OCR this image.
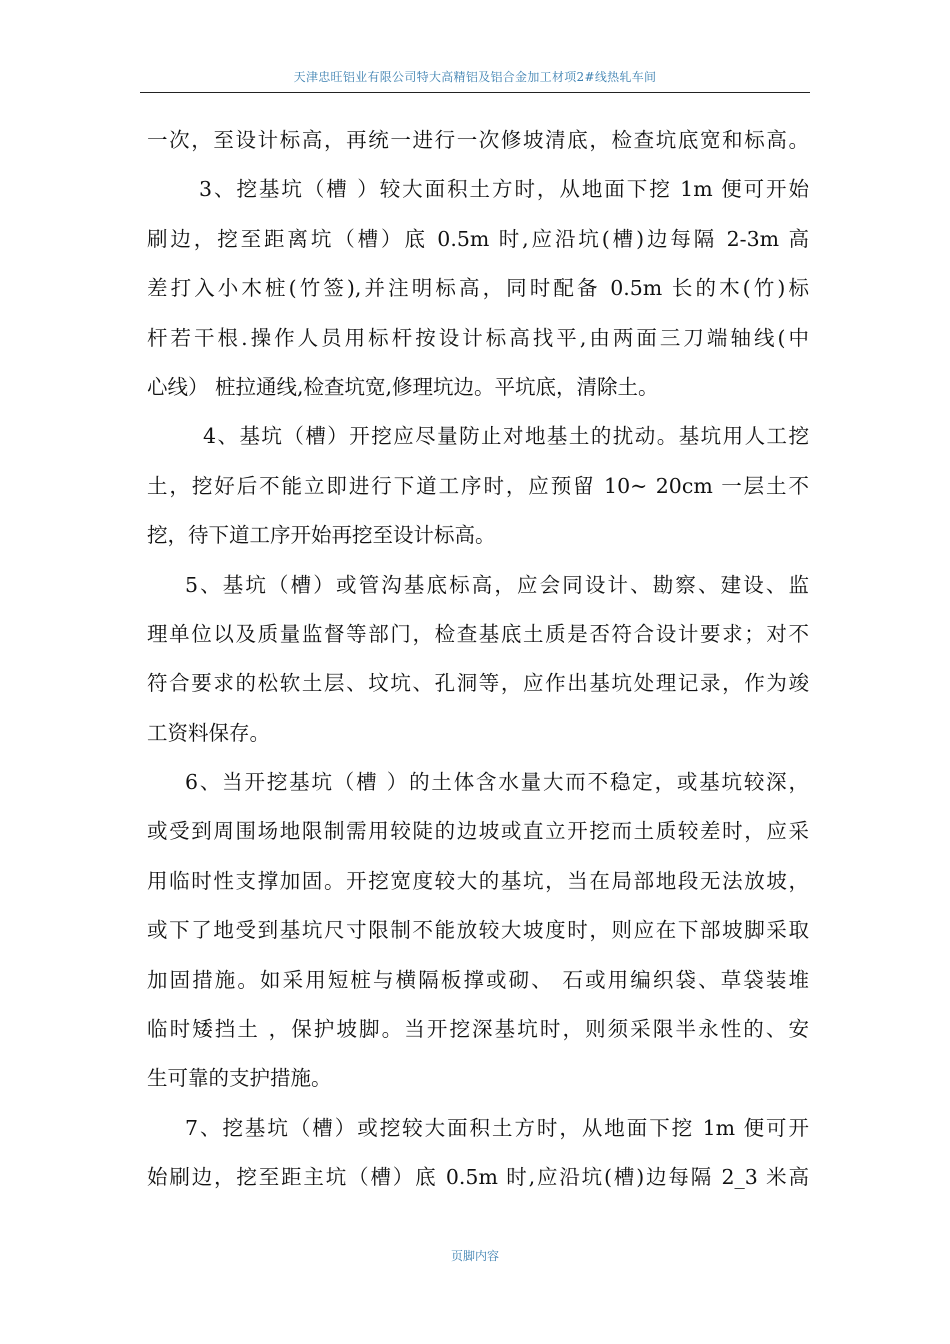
天津忠旺铝业有限公司特大高精铝及铝合金加工材项2#线热轧车间
一次，至设计标高，再统一进行一次修坡清底，检查坑底宽和标高。
3、挖基坑（槽 ）较大面积土方时，从地面下挖 1m 便可开始
刷边，挖至距离坑（槽）底 0.5m 时,应沿坑(槽)边每隔 2-3m 高
差打入小木桩(竹签),并注明标高，同时配备 0.5m 长的木(竹)标
杆若干根.操作人员用标杆按设计标高找平,由两面三刀端轴线(中
心线） 桩拉通线,检查坑宽,修理坑边。平坑底，清除土。
4、基坑（槽）开挖应尽量防止对地基土的扰动。基坑用人工挖
土，挖好后不能立即进行下道工序时，应预留 10~ 20cm 一层土不
挖，待下道工序开始再挖至设计标高。
5、基坑（槽）或管沟基底标高，应会同设计、勘察、建设、监
理单位以及质量监督等部门，检查基底土质是否符合设计要求；对不
符合要求的松软土层、坟坑、孔洞等，应作出基坑处理记录，作为竣
工资料保存。
6、当开挖基坑（槽 ）的土体含水量大而不稳定，或基坑较深，
或受到周围场地限制需用较陡的边坡或直立开挖而土质较差时，应采
用临时性支撑加固。开挖宽度较大的基坑，当在局部地段无法放坡，
或下了地受到基坑尺寸限制不能放较大坡度时，则应在下部坡脚采取
加固措施。如采用短桩与横隔板撑或砌、 石或用编织袋、草袋装堆
临时矮挡土 ，保护坡脚。当开挖深基坑时，则须采限半永性的、安
生可靠的支护措施。
7、挖基坑（槽）或挖较大面积土方时，从地面下挖 1m 便可开
始刷边，挖至距主坑（槽）底 0.5m 时,应沿坑(槽)边每隔 2_3 米高
页脚内容
